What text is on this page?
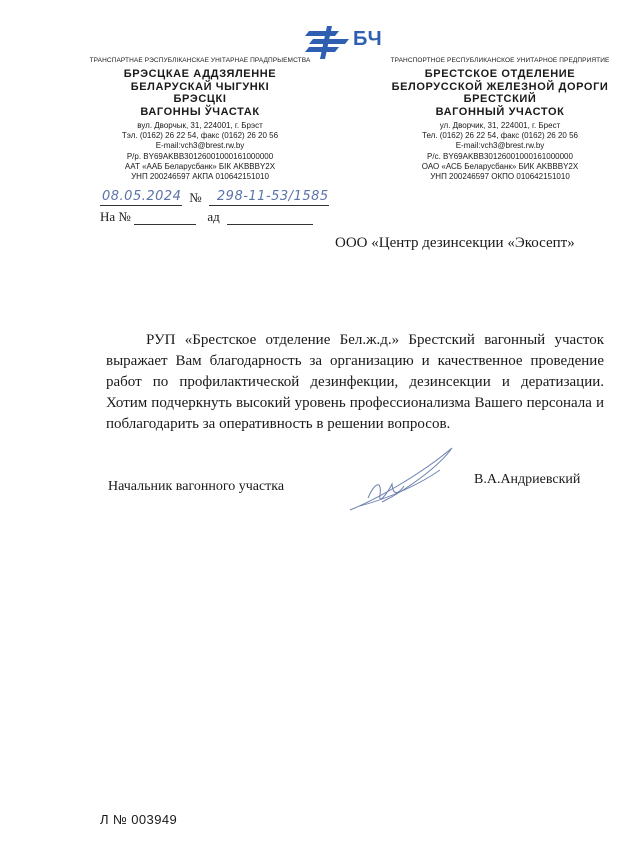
БЧ
ТРАНСПАРТНАЕ РЭСПУБЛІКАНСКАЕ УНІТАРНАЕ ПРАДПРЫЕМСТВА
БРЭСЦКАЕ АДДЗЯЛЕННЕ
БЕЛАРУСКАЙ ЧЫГУНКІ
БРЭСЦКІ
ВАГОННЫ ЎЧАСТАК
вул. Дворчык, 31, 224001, г. Брэст
Тэл. (0162) 26 22 54, факс (0162) 26 20 56
E-mail:vch3@brest.rw.by
Р/р. BY69AKBB30126001000161000000
ААТ «ААБ Беларусбанк» БІК AKBBBY2X
УНП 200246597 АКПА 010642151010
ТРАНСПОРТНОЕ РЕСПУБЛИКАНСКОЕ УНИТАРНОЕ ПРЕДПРИЯТИЕ
БРЕСТСКОЕ ОТДЕЛЕНИЕ
БЕЛОРУССКОЙ ЖЕЛЕЗНОЙ ДОРОГИ
БРЕСТСКИЙ
ВАГОННЫЙ УЧАСТОК
ул. Дворчик, 31, 224001, г. Брест
Тел. (0162) 26 22 54, факс (0162) 26 20 56
E-mail:vch3@brest.rw.by
Р/с. BY69AKBB30126001000161000000
ОАО «АСБ Беларусбанк» БИК AKBBBY2X
УНП 200246597 ОКПО 010642151010
08.05.2024 № 298-11-53/1585
На №	ад
ООО «Центр дезинсекции «Экосепт»

РУП «Брестское отделение Бел.ж.д.» Брестский вагонный участок выражает Вам благодарность за организацию и качественное проведение работ по профилактической дезинфекции, дезинсекции и дератизации. Хотим подчеркнуть высокий уровень профессионализма Вашего персонала и поблагодарить за оперативность в решении вопросов.

Начальник вагонного участка	В.А.Андриевский
Л № 003949
